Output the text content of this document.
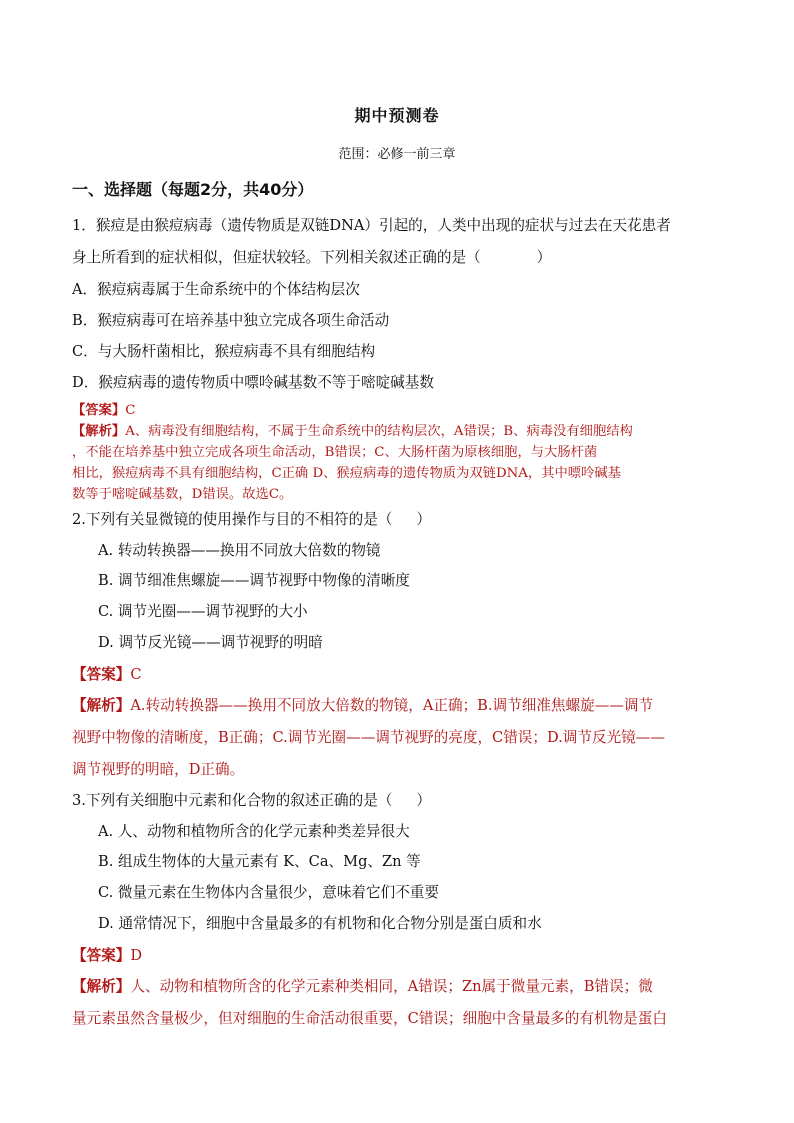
期中预测卷
范围：必修一前三章
一、选择题（每题2分，共40分）
1．猴痘是由猴痘病毒（遗传物质是双链DNA）引起的，人类中出现的症状与过去在天花患者
身上所看到的症状相似，但症状较轻。下列相关叙述正确的是（	）
A．猴痘病毒属于生命系统中的个体结构层次
B．猴痘病毒可在培养基中独立完成各项生命活动
C．与大肠杆菌相比，猴痘病毒不具有细胞结构
D．猴痘病毒的遗传物质中嘌呤碱基数不等于嘧啶碱基数
【答案】C
【解析】A、病毒没有细胞结构，不属于生命系统中的结构层次，A错误；B、病毒没有细胞结构
，不能在培养基中独立完成各项生命活动，B错误；C、大肠杆菌为原核细胞，与大肠杆菌
相比，猴痘病毒不具有细胞结构，C正确 D、猴痘病毒的遗传物质为双链DNA，其中嘌呤碱基
数等于嘧啶碱基数，D错误。故选C。
2.下列有关显微镜的使用操作与目的不相符的是（ ）
A. 转动转换器——换用不同放大倍数的物镜
B. 调节细准焦螺旋——调节视野中物像的清晰度
C. 调节光圈——调节视野的大小
D. 调节反光镜——调节视野的明暗
【答案】C
【解析】A.转动转换器——换用不同放大倍数的物镜，A正确；B.调节细准焦螺旋——调节
视野中物像的清晰度，B正确；C.调节光圈——调节视野的亮度，C错误；D.调节反光镜——
调节视野的明暗，D正确。
3.下列有关细胞中元素和化合物的叙述正确的是（ ）
A. 人、动物和植物所含的化学元素种类差异很大
B. 组成生物体的大量元素有 K、Ca、Mg、Zn 等
C. 微量元素在生物体内含量很少，意味着它们不重要
D. 通常情况下，细胞中含量最多的有机物和化合物分别是蛋白质和水
【答案】D
【解析】人、动物和植物所含的化学元素种类相同，A错误；Zn属于微量元素，B错误；微
量元素虽然含量极少，但对细胞的生命活动很重要，C错误；细胞中含量最多的有机物是蛋白
